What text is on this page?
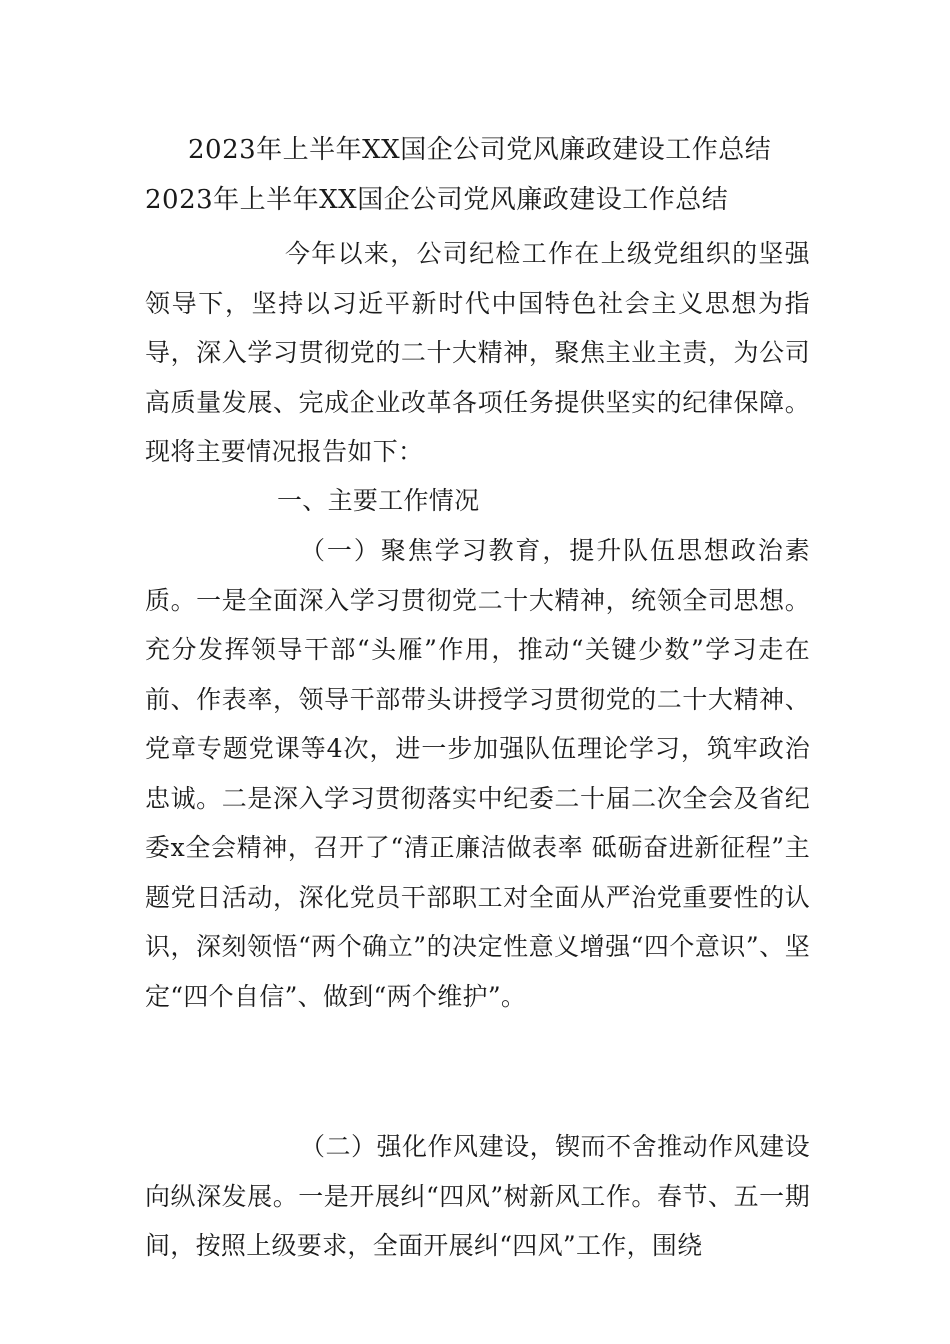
2023年上半年XX国企公司党风廉政建设工作总结
2023年上半年XX国企公司党风廉政建设工作总结
今年以来，公司纪检工作在上级党组织的坚强领导下，坚持以习近平新时代中国特色社会主义思想为指导，深入学习贯彻党的二十大精神，聚焦主业主责，为公司高质量发展、完成企业改革各项任务提供坚实的纪律保障。现将主要情况报告如下：
一、主要工作情况
（一）聚焦学习教育，提升队伍思想政治素质。一是全面深入学习贯彻党二十大精神，统领全司思想。充分发挥领导干部“头雁”作用，推动“关键少数”学习走在前、作表率，领导干部带头讲授学习贯彻党的二十大精神、党章专题党课等4次，进一步加强队伍理论学习，筑牢政治忠诚。二是深入学习贯彻落实中纪委二十届二次全会及省纪委x全会精神，召开了“清正廉洁做表率 砥砺奋进新征程”主题党日活动，深化党员干部职工对全面从严治党重要性的认识，深刻领悟“两个确立”的决定性意义增强“四个意识”、坚定“四个自信”、做到“两个维护”。
（二）强化作风建设，锲而不舍推动作风建设向纵深发展。一是开展纠“四风”树新风工作。春节、五一期间，按照上级要求，全面开展纠“四风”工作，围绕
